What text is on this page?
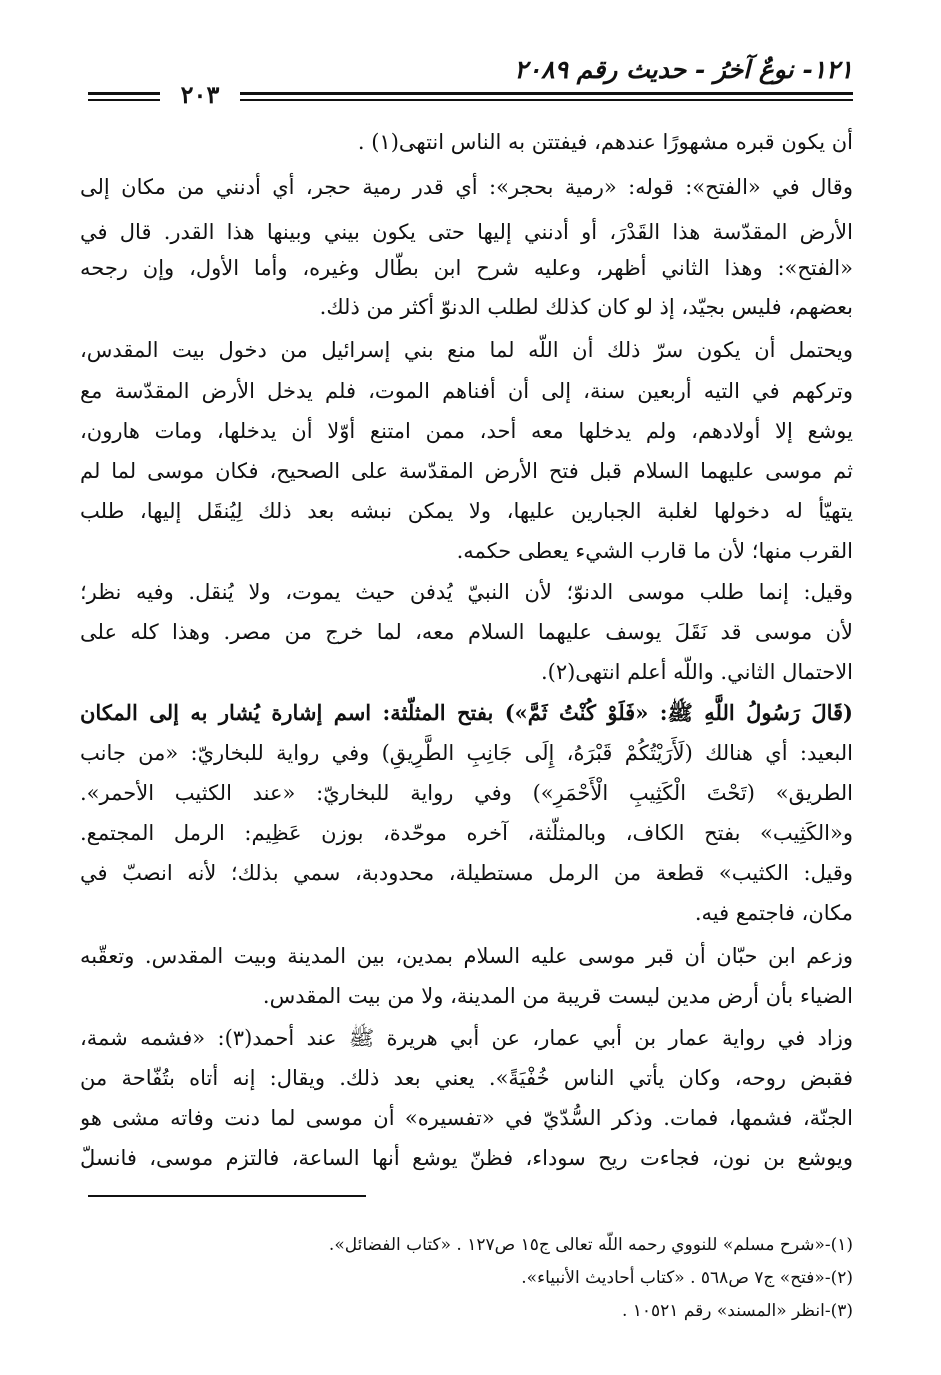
١٢١- نوعٌ آخرُ - حديث رقم ٢٠٨٩
٢٠٣
أن يكون قبره مشهورًا عندهم، فيفتتن به الناس انتهى(١) .
وقال في «الفتح»: قوله: «رمية بحجر»: أي قدر رمية حجر، أي أدنني من مكان إلى
الأرض المقدّسة هذا القَدْرَ، أو أدنني إليها حتى يكون بيني وبينها هذا القدر. قال في
«الفتح»: وهذا الثاني أظهر، وعليه شرح ابن بطّال وغيره، وأما الأول، وإن رجحه
بعضهم، فليس بجيّد، إذ لو كان كذلك لطلب الدنوّ أكثر من ذلك.
ويحتمل أن يكون سرّ ذلك أن اللّه لما منع بني إسرائيل من دخول بيت المقدس،
وتركهم في التيه أربعين سنة، إلى أن أفناهم الموت، فلم يدخل الأرض المقدّسة مع
يوشع إلا أولادهم، ولم يدخلها معه أحد، ممن امتنع أوّلا أن يدخلها، ومات هارون،
ثم موسى عليهما السلام قبل فتح الأرض المقدّسة على الصحيح، فكان موسى لما لم
يتهيّأ له دخولها لغلبة الجبارين عليها، ولا يمكن نبشه بعد ذلك لِيُنقَل إليها، طلب
القرب منها؛ لأن ما قارب الشيء يعطى حكمه.
وقيل: إنما طلب موسى الدنوّ؛ لأن النبيّ يُدفن حيث يموت، ولا يُنقل. وفيه نظر؛
لأن موسى قد نَقَلَ يوسف عليهما السلام معه، لما خرج من مصر. وهذا كله على
الاحتمال الثاني. واللّه أعلم انتهى(٢).
(قَالَ رَسُولُ اللَّهِ ﷺ: «فَلَوْ كُنْتُ ثَمَّ») بفتح المثلّثة: اسم إشارة يُشار به إلى المكان
البعيد: أي هنالك (لَأَرَيْتُكُمْ قَبْرَهُ، إِلَى جَانِبِ الطَّرِيقِ) وفي رواية للبخاريّ: «من جانب
الطريق» (تَحْتَ الْكَثِيبِ الْأَحْمَرِ») وفي رواية للبخاريّ: «عند الكثيب الأحمر».
و«الكَثِيب» بفتح الكاف، وبالمثلّثة، آخره موحّدة، بوزن عَظِيم: الرمل المجتمع.
وقيل: الكثيب» قطعة من الرمل مستطيلة، محدودبة، سمي بذلك؛ لأنه انصبّ في
مكان، فاجتمع فيه.
وزعم ابن حبّان أن قبر موسى عليه السلام بمدين، بين المدينة وبيت المقدس. وتعقّبه
الضياء بأن أرض مدين ليست قريبة من المدينة، ولا من بيت المقدس.
وزاد في رواية عمار بن أبي عمار، عن أبي هريرة ﷺ عند أحمد(٣): «فشمه شمة،
فقبض روحه، وكان يأتي الناس خُفْيَةً». يعني بعد ذلك. ويقال: إنه أتاه بتُفّاحة من
الجنّة، فشمها، فمات. وذكر السُّدّيّ في «تفسيره» أن موسى لما دنت وفاته مشى هو
ويوشع بن نون، فجاءت ريح سوداء، فظنّ يوشع أنها الساعة، فالتزم موسى، فانسلّ
(١)-«شرح مسلم» للنووي رحمه اللّه تعالى ج١٥ ص١٢٧ . «كتاب الفضائل».
(٢)-«فتح» ج٧ ص٥٦٨ . «كتاب أحاديث الأنبياء».
(٣)-انظر «المسند» رقم ١٠٥٢١ .
